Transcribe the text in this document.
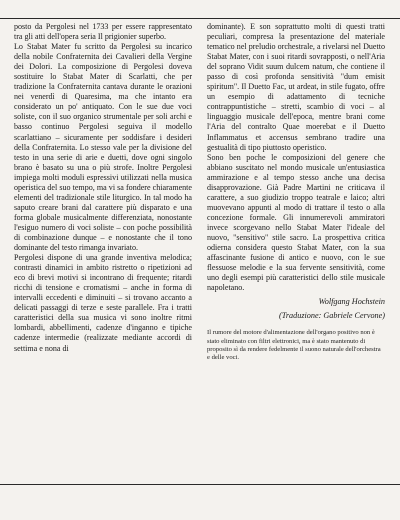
posto da Pergolesi nel 1733 per essere rappresentato tra gli atti dell'opera seria Il prigionier superbo.

Lo Stabat Mater fu scritto da Pergolesi su incarico della nobile Confraternita dei Cavalieri della Vergine dei Dolori. La composizione di Pergolesi doveva sostituire lo Stabat Mater di Scarlatti, che per tradizione la Confraternita cantava durante le orazioni nei venerdì di Quaresima, ma che intanto era considerato un po' antiquato. Con le sue due voci soliste, con il suo organico strumentale per soli archi e basso continuo Pergolesi seguiva il modello scarlattiano – sicuramente per soddisfare i desideri della Confraternita. Lo stesso vale per la divisione del testo in una serie di arie e duetti, dove ogni singolo brano è basato su una o più strofe. Inoltre Pergolesi impiega molti moduli espressivi utilizzati nella musica operistica del suo tempo, ma vi sa fondere chiaramente elementi del tradizionale stile liturgico. In tal modo ha saputo creare brani dal carattere più disparato e una forma globale musicalmente differenziata, nonostante l'esiguo numero di voci soliste – con poche possibilità di combinazione dunque – e nonostante che il tono dominante del testo rimanga invariato.

Pergolesi dispone di una grande inventiva melodica; contrasti dinamici in ambito ristretto o ripetizioni ad eco di brevi motivi si incontrano di frequente; ritardi ricchi di tensione e cromatismi – anche in forma di intervalli eccedenti e diminuiti – si trovano accanto a delicati passaggi di terze e seste parallele. Fra i tratti caratteristici della sua musica vi sono inoltre ritmi lombardi, abbellimenti, cadenze d'inganno e tipiche cadenze intermedie (realizzate mediante accordi di settima e nona di

dominante). E son soprattutto molti di questi tratti peculiari, compresa la presentazione del materiale tematico nel preludio orchestrale, a rivelarsi nel Duetto Stabat Mater, con i suoi ritardi sovrapposti, o nell'Aria del soprano Vidit suum dulcem natum, che contiene il passo di così profonda sensitività "dum emisit spiritum". Il Duetto Fac, ut ardeat, in stile fugato, offre un esempio di adattamento di tecniche contrappuntistiche – stretti, scambio di voci – al linguaggio musicale dell'epoca, mentre brani come l'Aria del contralto Quae moerebat e il Duetto Inflammatus et accensus sembrano tradire una gestualità di tipo piuttosto operistico.

Sono ben poche le composizioni del genere che abbiano suscitato nel mondo musicale un'entusiastica ammirazione e al tempo stesso anche una decisa disapprovazione. Già Padre Martini ne criticava il carattere, a suo giudizio troppo teatrale e laico; altri muovevano appunti al modo di trattare il testo o alla concezione formale. Gli innumerevoli ammiratori invece scorgevano nello Stabat Mater l'ideale del nuovo, "sensitivo" stile sacro. La prospettiva critica odierna considera questo Stabat Mater, con la sua affascinante fusione di antico e nuovo, con le sue flessuose melodie e la sua fervente sensitività, come uno degli esempi più caratteristici dello stile musicale napoletano.

Wolfgang Hochstein
(Traduzione: Gabriele Cervone)
Il rumore del motore d'alimentazione dell'organo positivo non è stato eliminato con filtri elettronici, ma è stato mantenuto di proposito sì da rendere fedelmente il suono naturale dell'orchestra e delle voci.
